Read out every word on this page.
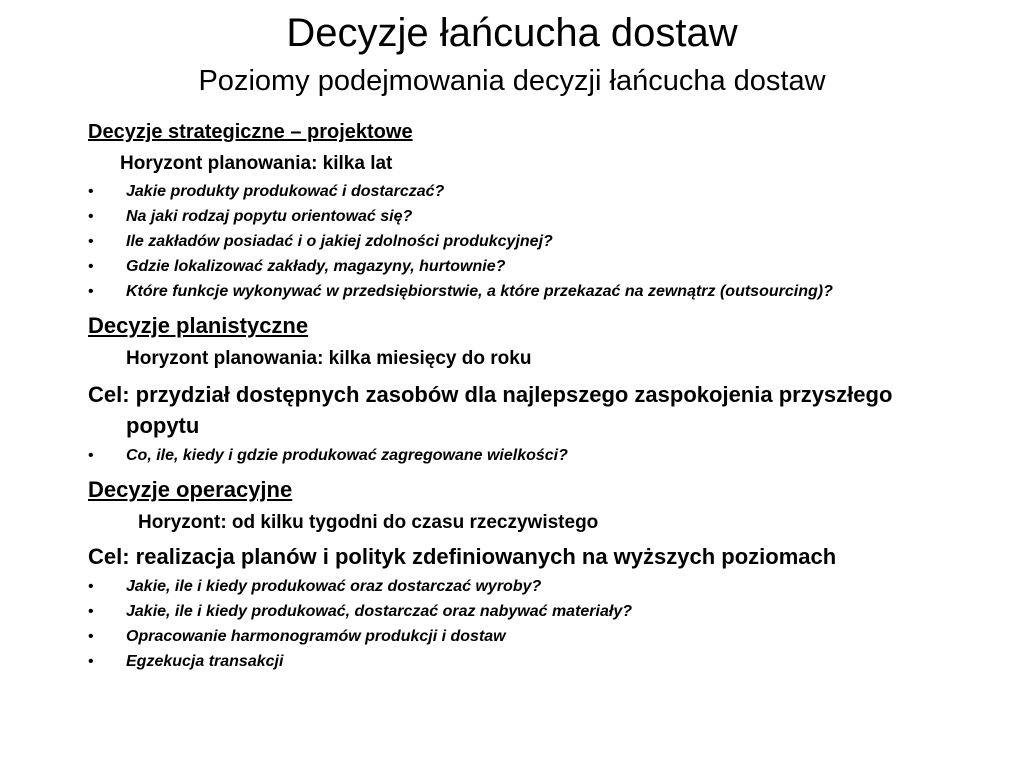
Decyzje łańcucha dostaw
Poziomy podejmowania decyzji łańcucha dostaw
Decyzje strategiczne – projektowe
Horyzont planowania: kilka lat
• Jakie produkty produkować i dostarczać?
• Na jaki rodzaj popytu orientować się?
• Ile zakładów posiadać i o jakiej zdolności produkcyjnej?
• Gdzie lokalizować zakłady, magazyny, hurtownie?
• Które funkcje wykonywać w przedsiębiorstwie, a które przekazać na zewnątrz (outsourcing)?
Decyzje planistyczne
Horyzont planowania: kilka miesięcy do roku
Cel: przydział dostępnych zasobów dla najlepszego zaspokojenia przyszłego popytu
• Co, ile, kiedy i gdzie produkować zagregowane wielkości?
Decyzje operacyjne
Horyzont: od kilku tygodni do czasu rzeczywistego
Cel: realizacja planów i polityk zdefiniowanych na wyższych poziomach
• Jakie, ile i kiedy produkować oraz dostarczać wyroby?
• Jakie, ile i kiedy produkować, dostarczać oraz nabywać materiały?
• Opracowanie harmonogramów produkcji i dostaw
• Egzekucja transakcji
